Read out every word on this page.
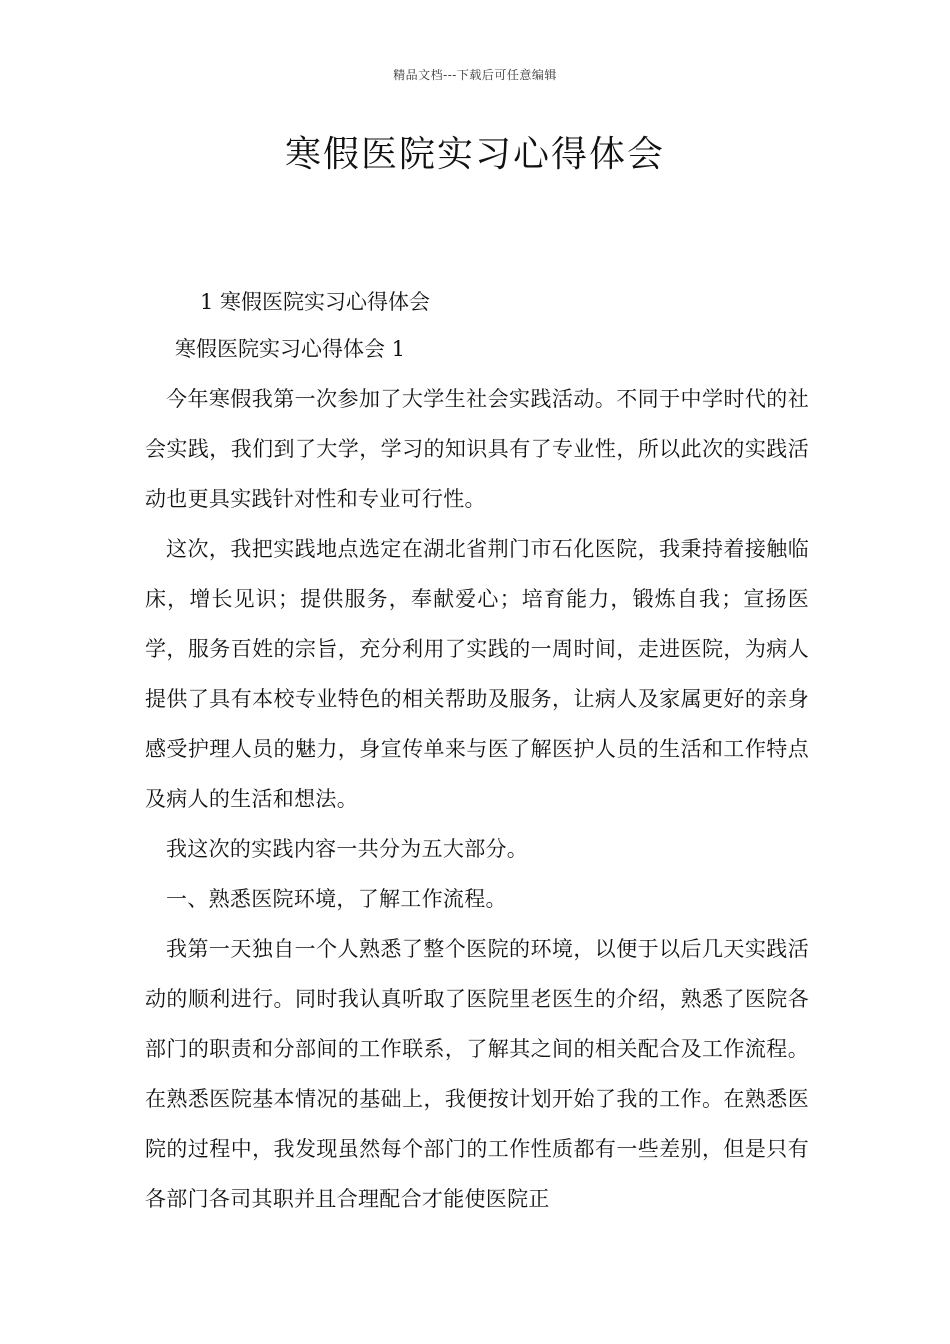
精品文档---下载后可任意编辑
寒假医院实习心得体会

1 寒假医院实习心得体会

寒假医院实习心得体会 1

今年寒假我第一次参加了大学生社会实践活动。不同于中学时代的社会实践，我们到了大学，学习的知识具有了专业性，所以此次的实践活动也更具实践针对性和专业可行性。

这次，我把实践地点选定在湖北省荆门市石化医院，我秉持着接触临床，增长见识；提供服务，奉献爱心；培育能力，锻炼自我；宣扬医学，服务百姓的宗旨，充分利用了实践的一周时间，走进医院，为病人提供了具有本校专业特色的相关帮助及服务，让病人及家属更好的亲身感受护理人员的魅力，身宣传单来与医了解医护人员的生活和工作特点及病人的生活和想法。

我这次的实践内容一共分为五大部分。

一、熟悉医院环境，了解工作流程。

我第一天独自一个人熟悉了整个医院的环境，以便于以后几天实践活动的顺利进行。同时我认真听取了医院里老医生的介绍，熟悉了医院各部门的职责和分部间的工作联系，了解其之间的相关配合及工作流程。在熟悉医院基本情况的基础上，我便按计划开始了我的工作。在熟悉医院的过程中，我发现虽然每个部门的工作性质都有一些差别，但是只有各部门各司其职并且合理配合才能使医院正
